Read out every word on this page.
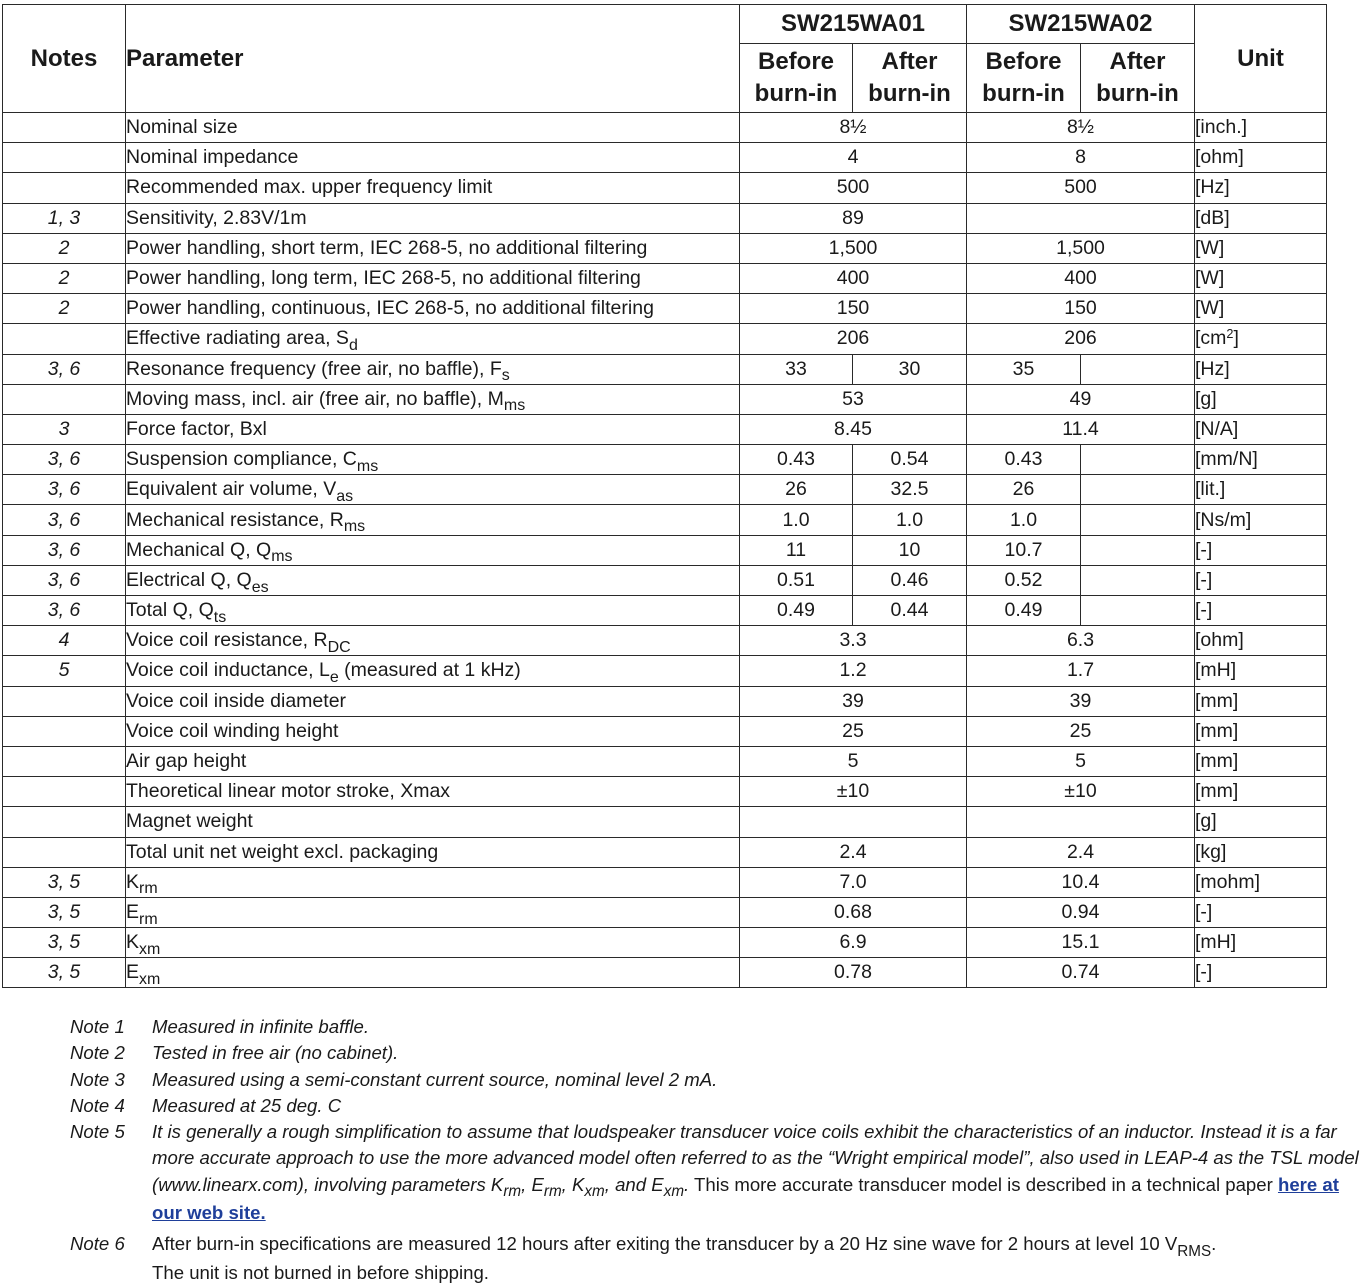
Notes	Parameter	SW215WA01		SW215WA02		Unit
		Before burn-in	After burn-in	Before burn-in	After burn-in	
	Nominal size	8½		8½		[inch.]
	Nominal impedance	4		8		[ohm]
	Recommended max. upper frequency limit	500		500		[Hz]
1, 3	Sensitivity, 2.83V/1m	89				[dB]
2	Power handling, short term, IEC 268-5, no additional filtering	1,500		1,500		[W]
2	Power handling, long term, IEC 268-5, no additional filtering	400		400		[W]
2	Power handling, continuous, IEC 268-5, no additional filtering	150		150		[W]
	Effective radiating area, $S_d$	206		206		$[cm^2]$
3, 6	Resonance frequency (free air, no baffle), $F_s$	33	30	35		[Hz]
	Moving mass, incl. air (free air, no baffle), $M_{ms}$	53		49		[g]
3	Force factor, Bxl	8.45		11.4		[N/A]
3, 6	Suspension compliance, $C_{ms}$	0.43	0.54	0.43		[mm/N]
3, 6	Equivalent air volume, $V_{as}$	26	32.5	26		[lit.]
3, 6	Mechanical resistance, $R_{ms}$	1.0	1.0	1.0		[Ns/m]
3, 6	Mechanical Q, $Q_{ms}$	11	10	10.7		[-]
3, 6	Electrical Q, $Q_{es}$	0.51	0.46	0.52		[-]
3, 6	Total Q, $Q_{ts}$	0.49	0.44	0.49		[-]
4	Voice coil resistance, $R_{DC}$	3.3		6.3		[ohm]
5	Voice coil inductance, $L_e$ (measured at 1 kHz)	1.2		1.7		[mH]
	Voice coil inside diameter	39		39		[mm]
	Voice coil winding height	25		25		[mm]
	Air gap height	5		5		[mm]
	Theoretical linear motor stroke, Xmax	±10		±10		[mm]
	Magnet weight					[g]
	Total unit net weight excl. packaging	2.4		2.4		[kg]
3, 5	$K_{rm}$	7.0		10.4		[mohm]
3, 5	$E_{rm}$	0.68		0.94		[-]
3, 5	$K_{xm}$	6.9		15.1		[mH]
3, 5	$E_{xm}$	0.78		0.74		[-]
Note 1	Measured in infinite baffle.
Note 2	Tested in free air (no cabinet).
Note 3	Measured using a semi-constant current source, nominal level 2 mA.
Note 4	Measured at 25 deg. C
Note 5	It is generally a rough simplification to assume that loudspeaker transducer voice coils exhibit the characteristics of an inductor. Instead it is a far more accurate approach to use the more advanced model often referred to as the “Wright empirical model”, also used in LEAP-4 as the TSL model (www.linearx.com), involving parameters $K_{rm}$, $E_{rm}$, $K_{xm}$, and $E_{xm}$. This more accurate transducer model is described in a technical paper here at our web site.
Note 6	After burn-in specifications are measured 12 hours after exiting the transducer by a 20 Hz sine wave for 2 hours at level 10 $V_{RMS}$.
The unit is not burned in before shipping.
